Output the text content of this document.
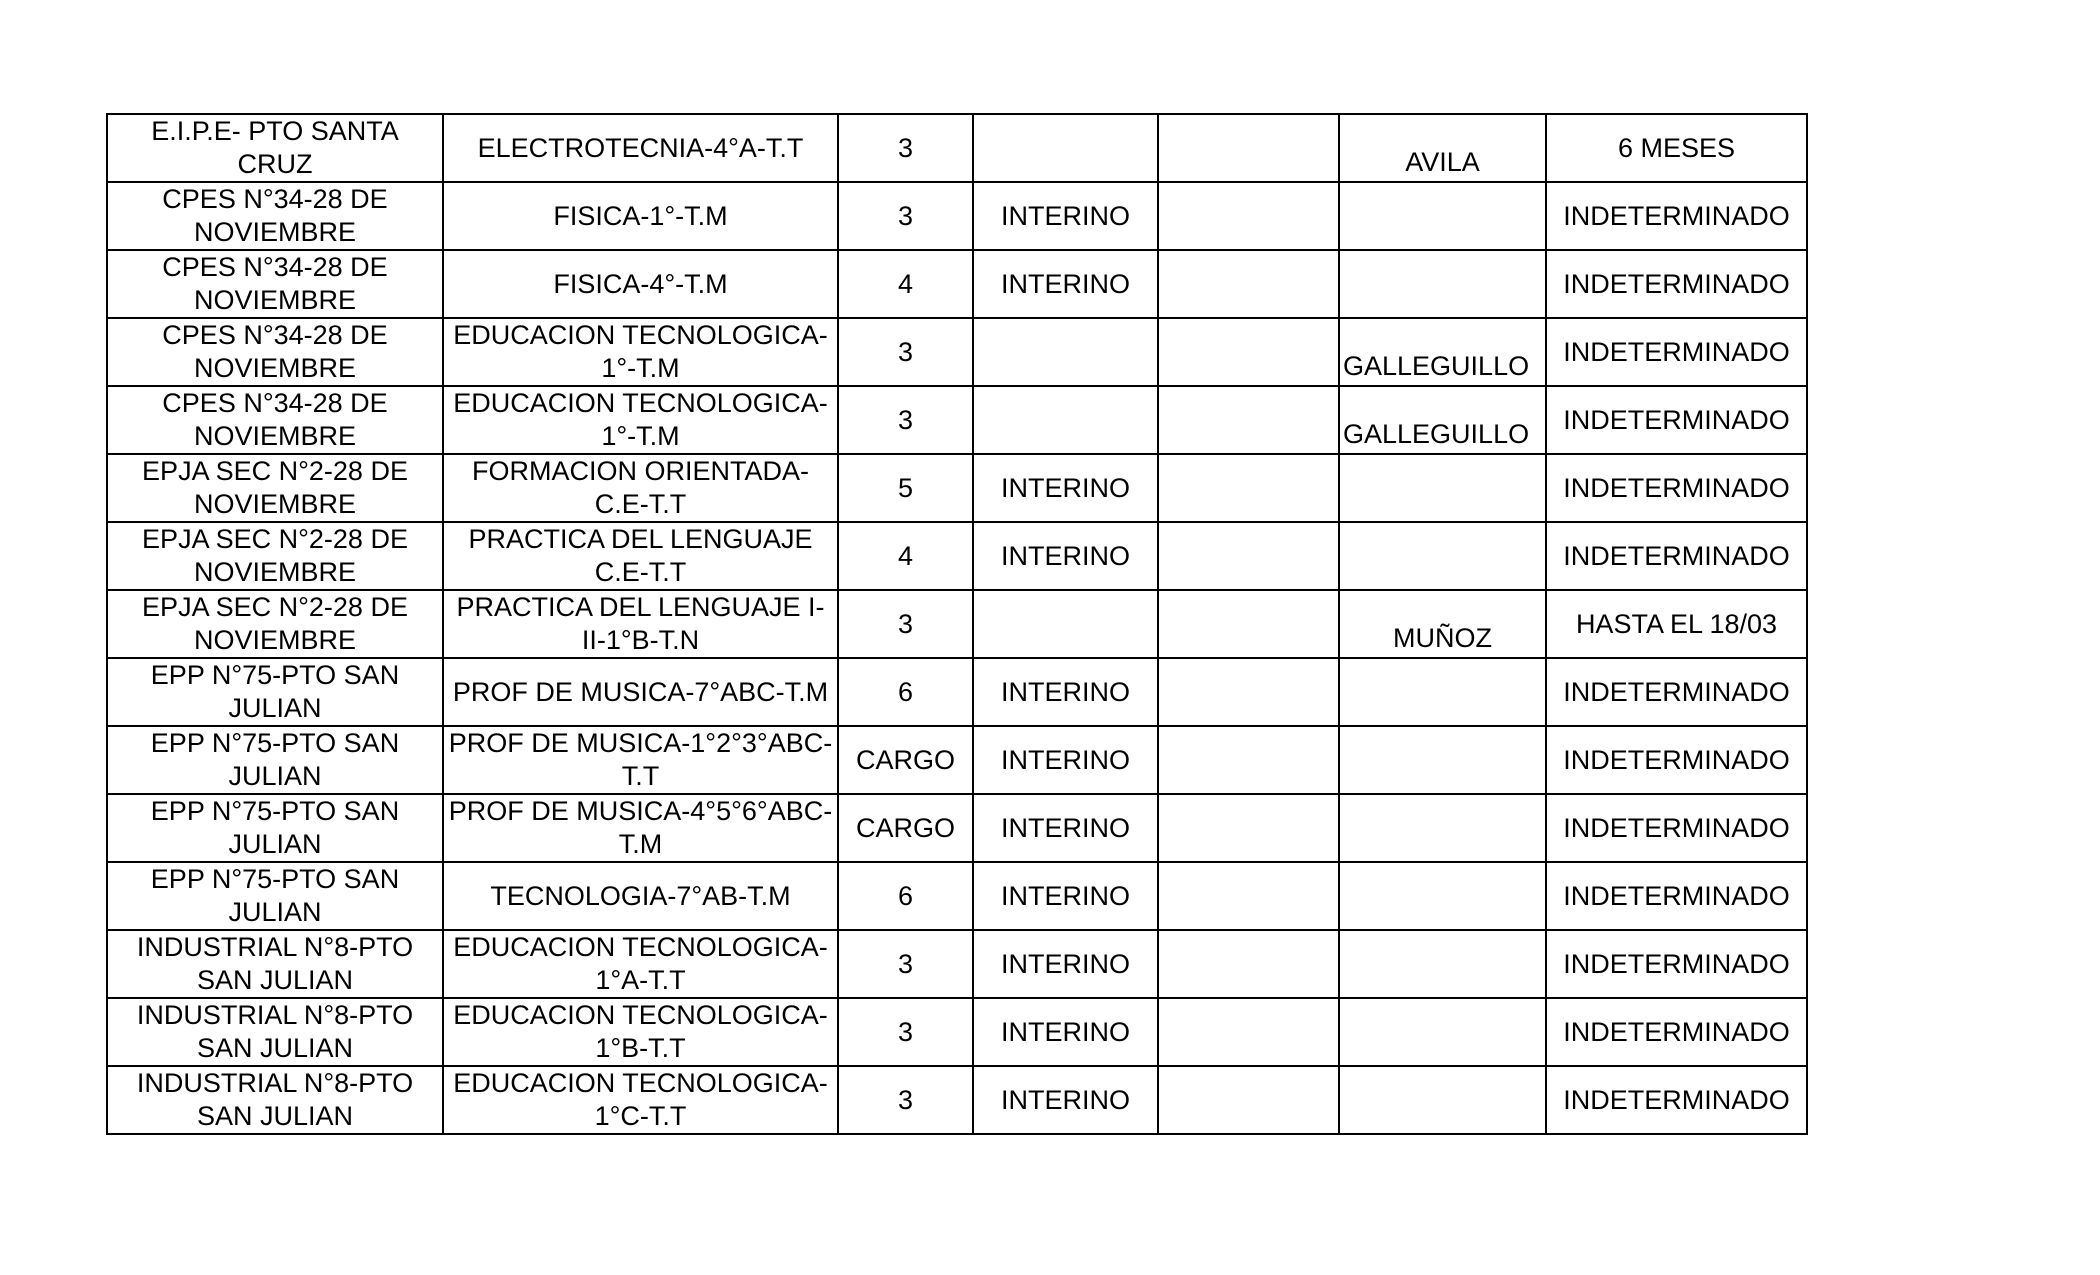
E.I.P.E- PTO SANTA CRUZ	ELECTROTECNIA-4°A-T.T	3			AVILA	6 MESES
CPES N°34-28 DE NOVIEMBRE	FISICA-1°-T.M	3	INTERINO			INDETERMINADO
CPES N°34-28 DE NOVIEMBRE	FISICA-4°-T.M	4	INTERINO			INDETERMINADO
CPES N°34-28 DE NOVIEMBRE	EDUCACION TECNOLOGICA-1°-T.M	3			GALLEGUILLO	INDETERMINADO
CPES N°34-28 DE NOVIEMBRE	EDUCACION TECNOLOGICA-1°-T.M	3			GALLEGUILLO	INDETERMINADO
EPJA SEC N°2-28 DE NOVIEMBRE	FORMACION ORIENTADA-C.E-T.T	5	INTERINO			INDETERMINADO
EPJA SEC N°2-28 DE NOVIEMBRE	PRACTICA DEL LENGUAJE C.E-T.T	4	INTERINO			INDETERMINADO
EPJA SEC N°2-28 DE NOVIEMBRE	PRACTICA DEL LENGUAJE I-II-1°B-T.N	3			MUÑOZ	HASTA EL 18/03
EPP N°75-PTO SAN JULIAN	PROF DE MUSICA-7°ABC-T.M	6	INTERINO			INDETERMINADO
EPP N°75-PTO SAN JULIAN	PROF DE MUSICA-1°2°3°ABC-T.T	CARGO	INTERINO			INDETERMINADO
EPP N°75-PTO SAN JULIAN	PROF DE MUSICA-4°5°6°ABC-T.M	CARGO	INTERINO			INDETERMINADO
EPP N°75-PTO SAN JULIAN	TECNOLOGIA-7°AB-T.M	6	INTERINO			INDETERMINADO
INDUSTRIAL N°8-PTO SAN JULIAN	EDUCACION TECNOLOGICA-1°A-T.T	3	INTERINO			INDETERMINADO
INDUSTRIAL N°8-PTO SAN JULIAN	EDUCACION TECNOLOGICA-1°B-T.T	3	INTERINO			INDETERMINADO
INDUSTRIAL N°8-PTO SAN JULIAN	EDUCACION TECNOLOGICA-1°C-T.T	3	INTERINO			INDETERMINADO
